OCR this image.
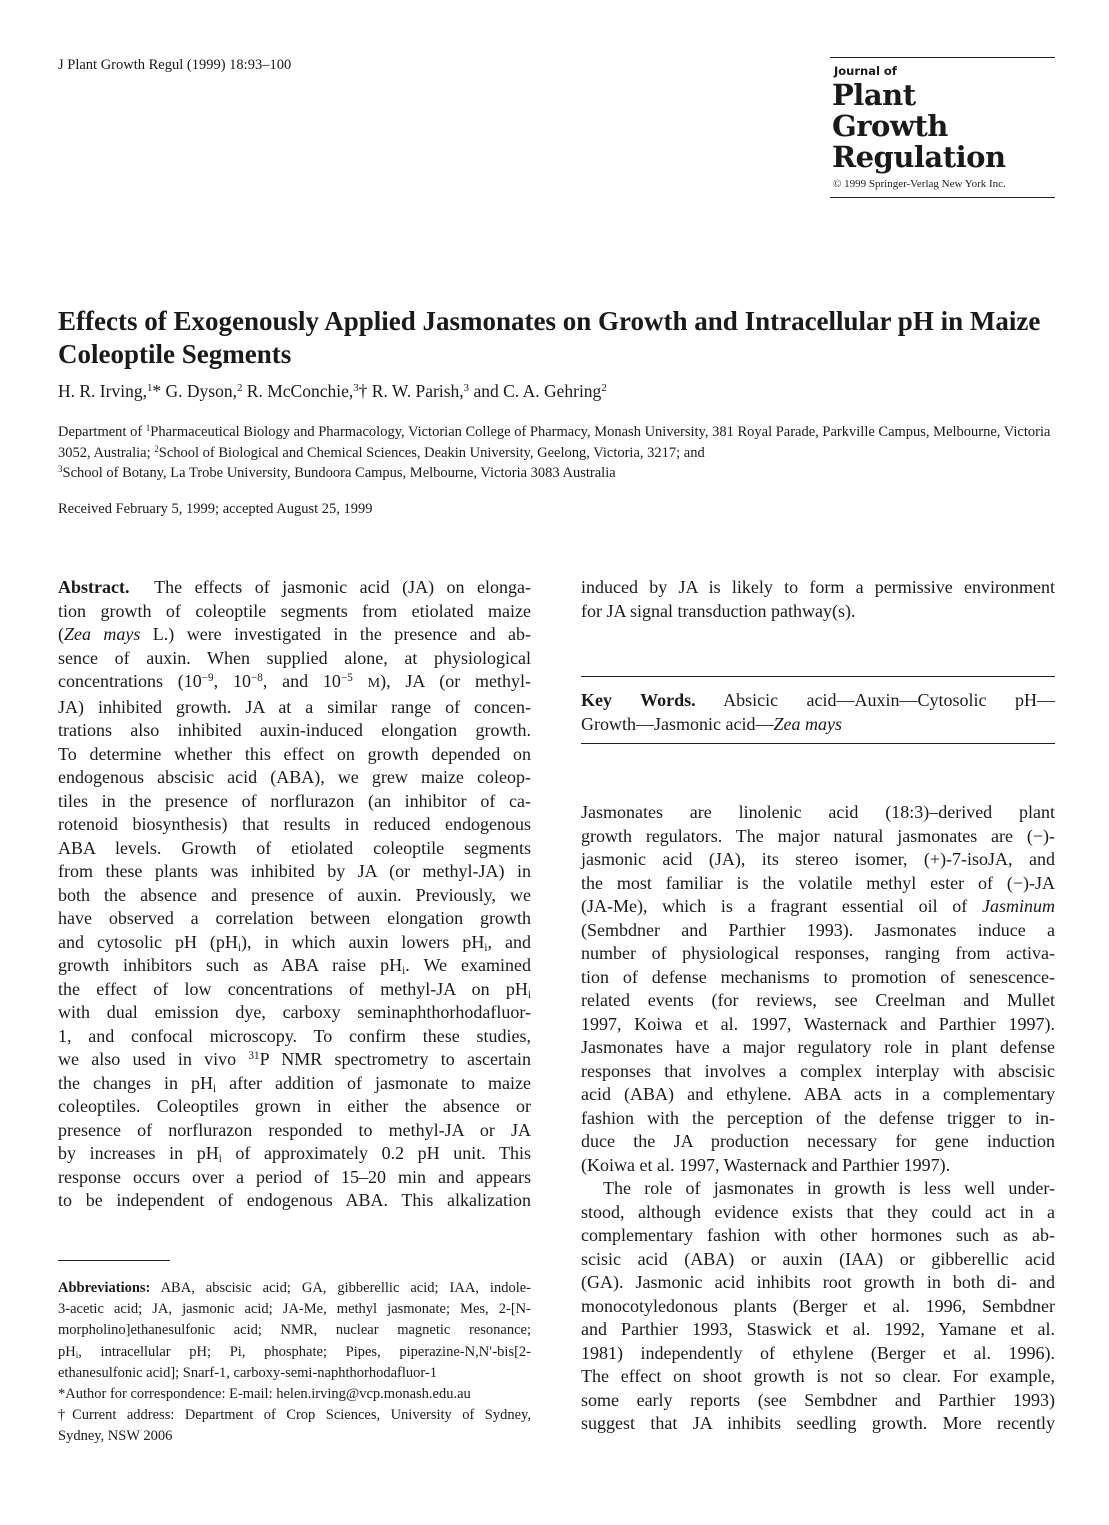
J Plant Growth Regul (1999) 18:93–100	Journal of
Plant
Growth
Regulation
© 1999 Springer-Verlag New York Inc.
Effects of Exogenously Applied Jasmonates on Growth and Intracellular pH in Maize Coleoptile Segments
H. R. Irving,$^1$* G. Dyson,$^2$ R. McConchie,$^3$† R. W. Parish,$^3$ and C. A. Gehring$^2$
Department of $^1$Pharmaceutical Biology and Pharmacology, Victorian College of Pharmacy, Monash University, 381 Royal Parade, Parkville Campus, Melbourne, Victoria 3052, Australia; $^2$School of Biological and Chemical Sciences, Deakin University, Geelong, Victoria, 3217; and
$^3$School of Botany, La Trobe University, Bundoora Campus, Melbourne, Victoria 3083 Australia
Received February 5, 1999; accepted August 25, 1999
Abstract. The effects of jasmonic acid (JA) on elonga-
tion growth of coleoptile segments from etiolated maize
(Zea mays L.) were investigated in the presence and ab-
sence of auxin. When supplied alone, at physiological
concentrations ($10^{-9}$, $10^{-8}$, and $10^{-5}$ M), JA (or methyl-
JA) inhibited growth. JA at a similar range of concen-
trations also inhibited auxin-induced elongation growth.
To determine whether this effect on growth depended on
endogenous abscisic acid (ABA), we grew maize coleop-
tiles in the presence of norflurazon (an inhibitor of ca-
rotenoid biosynthesis) that results in reduced endogenous
ABA levels. Growth of etiolated coleoptile segments
from these plants was inhibited by JA (or methyl-JA) in
both the absence and presence of auxin. Previously, we
have observed a correlation between elongation growth
and cytosolic pH $(pH_i)$, in which auxin lowers $pH_i$, and
growth inhibitors such as ABA raise $pH_i$. We examined
the effect of low concentrations of methyl-JA on $pH_i$
with dual emission dye, carboxy seminaphthorhodafluor-
1, and confocal microscopy. To confirm these studies,
we also used in vivo $^{31}$P NMR spectrometry to ascertain
the changes in $pH_i$ after addition of jasmonate to maize
coleoptiles. Coleoptiles grown in either the absence or
presence of norflurazon responded to methyl-JA or JA
by increases in $pH_i$ of approximately 0.2 pH unit. This
response occurs over a period of 15–20 min and appears
to be independent of endogenous ABA. This alkalization
Abbreviations: ABA, abscisic acid; GA, gibberellic acid; IAA, indole-
3-acetic acid; JA, jasmonic acid; JA-Me, methyl jasmonate; Mes, 2-[N-
morpholino]ethanesulfonic acid; NMR, nuclear magnetic resonance;
$pH_i$, intracellular pH; Pi, phosphate; Pipes, piperazine-N,N′-bis[2-
ethanesulfonic acid]; Snarf-1, carboxy-semi-naphthorhodafluor-1
*Author for correspondence: E-mail: helen.irving@vcp.monash.edu.au
†Current address: Department of Crop Sciences, University of Sydney,
Sydney, NSW 2006
induced by JA is likely to form a permissive environment
for JA signal transduction pathway(s).
Key Words. Absicic acid—Auxin—Cytosolic pH—
Growth—Jasmonic acid—Zea mays
Jasmonates are linolenic acid (18:3)–derived plant
growth regulators. The major natural jasmonates are (−)-
jasmonic acid (JA), its stereo isomer, (+)-7-isoJA, and
the most familiar is the volatile methyl ester of (−)-JA
(JA-Me), which is a fragrant essential oil of Jasminum
(Sembdner and Parthier 1993). Jasmonates induce a
number of physiological responses, ranging from activa-
tion of defense mechanisms to promotion of senescence-
related events (for reviews, see Creelman and Mullet
1997, Koiwa et al. 1997, Wasternack and Parthier 1997).
Jasmonates have a major regulatory role in plant defense
responses that involves a complex interplay with abscisic
acid (ABA) and ethylene. ABA acts in a complementary
fashion with the perception of the defense trigger to in-
duce the JA production necessary for gene induction
(Koiwa et al. 1997, Wasternack and Parthier 1997).
The role of jasmonates in growth is less well under-
stood, although evidence exists that they could act in a
complementary fashion with other hormones such as ab-
scisic acid (ABA) or auxin (IAA) or gibberellic acid
(GA). Jasmonic acid inhibits root growth in both di- and
monocotyledonous plants (Berger et al. 1996, Sembdner
and Parthier 1993, Staswick et al. 1992, Yamane et al.
1981) independently of ethylene (Berger et al. 1996).
The effect on shoot growth is not so clear. For example,
some early reports (see Sembdner and Parthier 1993)
suggest that JA inhibits seedling growth. More recently
